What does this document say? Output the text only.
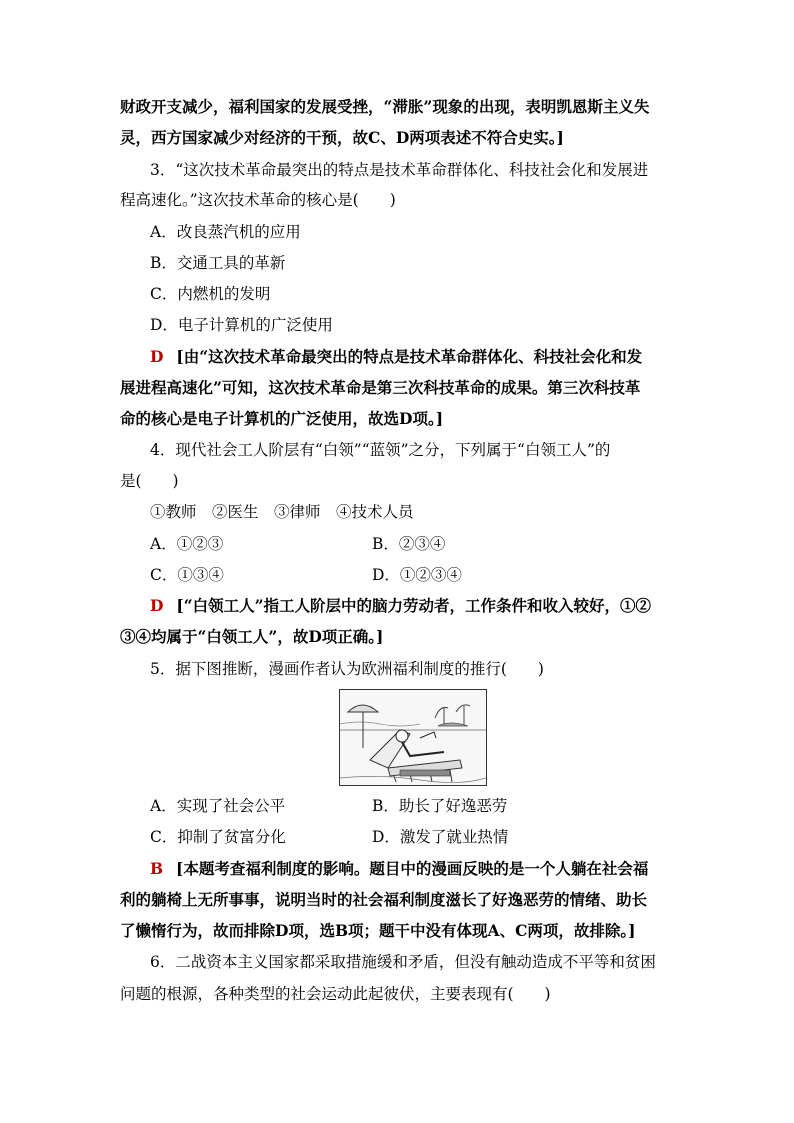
财政开支减少，福利国家的发展受挫，“滞胀”现象的出现，表明凯恩斯主义失
灵，西方国家减少对经济的干预，故C、D两项表述不符合史实。]
3．“这次技术革命最突出的特点是技术革命群体化、科技社会化和发展进
程高速化。”这次技术革命的核心是(　　)
A．改良蒸汽机的应用
B．交通工具的革新
C．内燃机的发明
D．电子计算机的广泛使用
D [由“这次技术革命最突出的特点是技术革命群体化、科技社会化和发
展进程高速化”可知，这次技术革命是第三次科技革命的成果。第三次科技革
命的核心是电子计算机的广泛使用，故选D项。]
4．现代社会工人阶层有“白领”“蓝领”之分，下列属于“白领工人”的
是(　　)
①教师　②医生　③律师　④技术人员
A．①②③	B．②③④
C．①③④	D．①②③④
D [“白领工人”指工人阶层中的脑力劳动者，工作条件和收入较好，①②
③④均属于“白领工人”，故D项正确。]
5．据下图推断，漫画作者认为欧洲福利制度的推行(　　)
A．实现了社会公平	B．助长了好逸恶劳
C．抑制了贫富分化	D．激发了就业热情
B [本题考查福利制度的影响。题目中的漫画反映的是一个人躺在社会福
利的躺椅上无所事事，说明当时的社会福利制度滋长了好逸恶劳的情绪、助长
了懒惰行为，故而排除D项，选B项；题干中没有体现A、C两项，故排除。]
6．二战资本主义国家都采取措施缓和矛盾，但没有触动造成不平等和贫困
问题的根源，各种类型的社会运动此起彼伏，主要表现有(　　)
